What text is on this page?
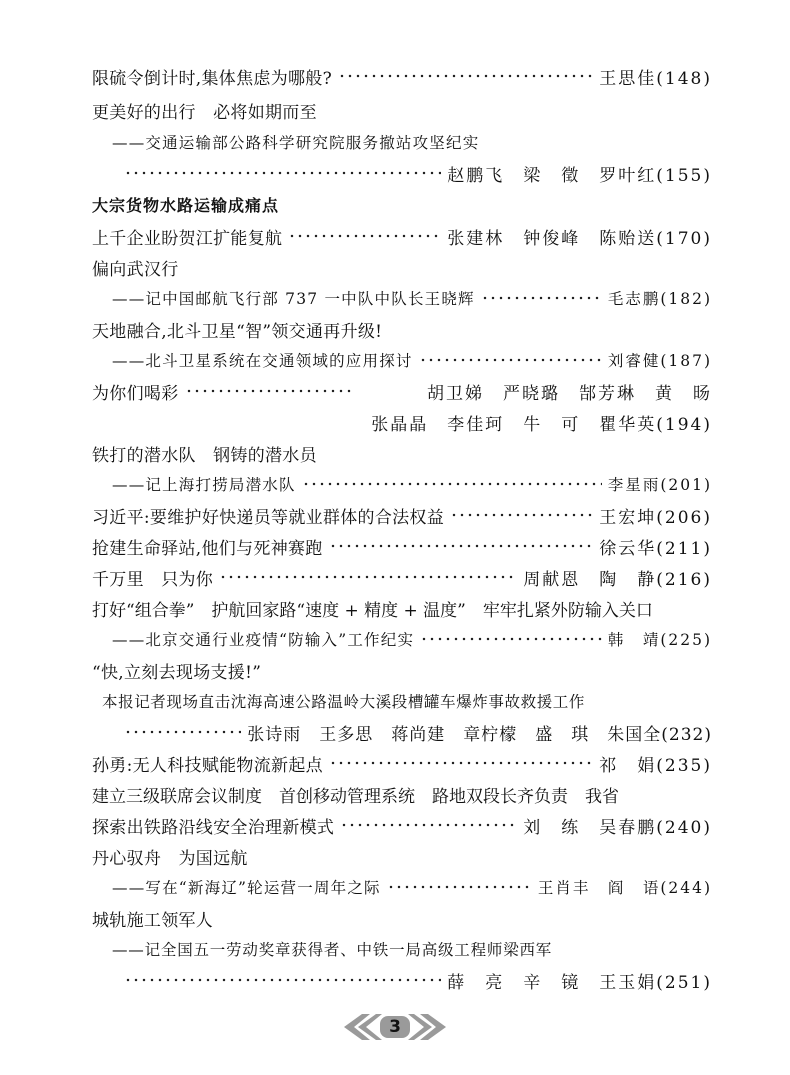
限硫令倒计时,集体焦虑为哪般?	王思佳(148)
更美好的出行　必将如期而至
——交通运输部公路科学研究院服务撤站攻坚纪实
赵鹏飞　梁　徵　罗叶红(155)
大宗货物水路运输成痛点
上千企业盼贺江扩能复航	张建林　钟俊峰　陈贻送(170)
偏向武汉行
——记中国邮航飞行部 737 一中队中队长王晓辉	毛志鹏(182)
天地融合,北斗卫星“智”领交通再升级!
——北斗卫星系统在交通领域的应用探讨	刘睿健(187)
为你们喝彩	胡卫娣　严晓璐　郜芳琳　黄　旸
张晶晶　李佳珂　牛　可　瞿华英(194)
铁打的潜水队　钢铸的潜水员
——记上海打捞局潜水队	李星雨(201)
习近平:要维护好快递员等就业群体的合法权益	王宏坤(206)
抢建生命驿站,他们与死神赛跑	徐云华(211)
千万里　只为你	周献恩　陶　静(216)
打好“组合拳”　护航回家路“速度 + 精度 + 温度”　牢牢扎紧外防输入关口
——北京交通行业疫情“防输入”工作纪实	韩　靖(225)
“快,立刻去现场支援!”
本报记者现场直击沈海高速公路温岭大溪段槽罐车爆炸事故救援工作
张诗雨　王多思　蒋尚建　章柠檬　盛　琪　朱国全(232)
孙勇:无人科技赋能物流新起点	祁　娟(235)
建立三级联席会议制度　首创移动管理系统　路地双段长齐负责　我省
探索出铁路沿线安全治理新模式	刘　练　吴春鹏(240)
丹心驭舟　为国远航
——写在“新海辽”轮运营一周年之际	王肖丰　阎　语(244)
城轨施工领军人
——记全国五一劳动奖章获得者、中铁一局高级工程师梁西军
薛　亮　辛　镜　王玉娟(251)
3
